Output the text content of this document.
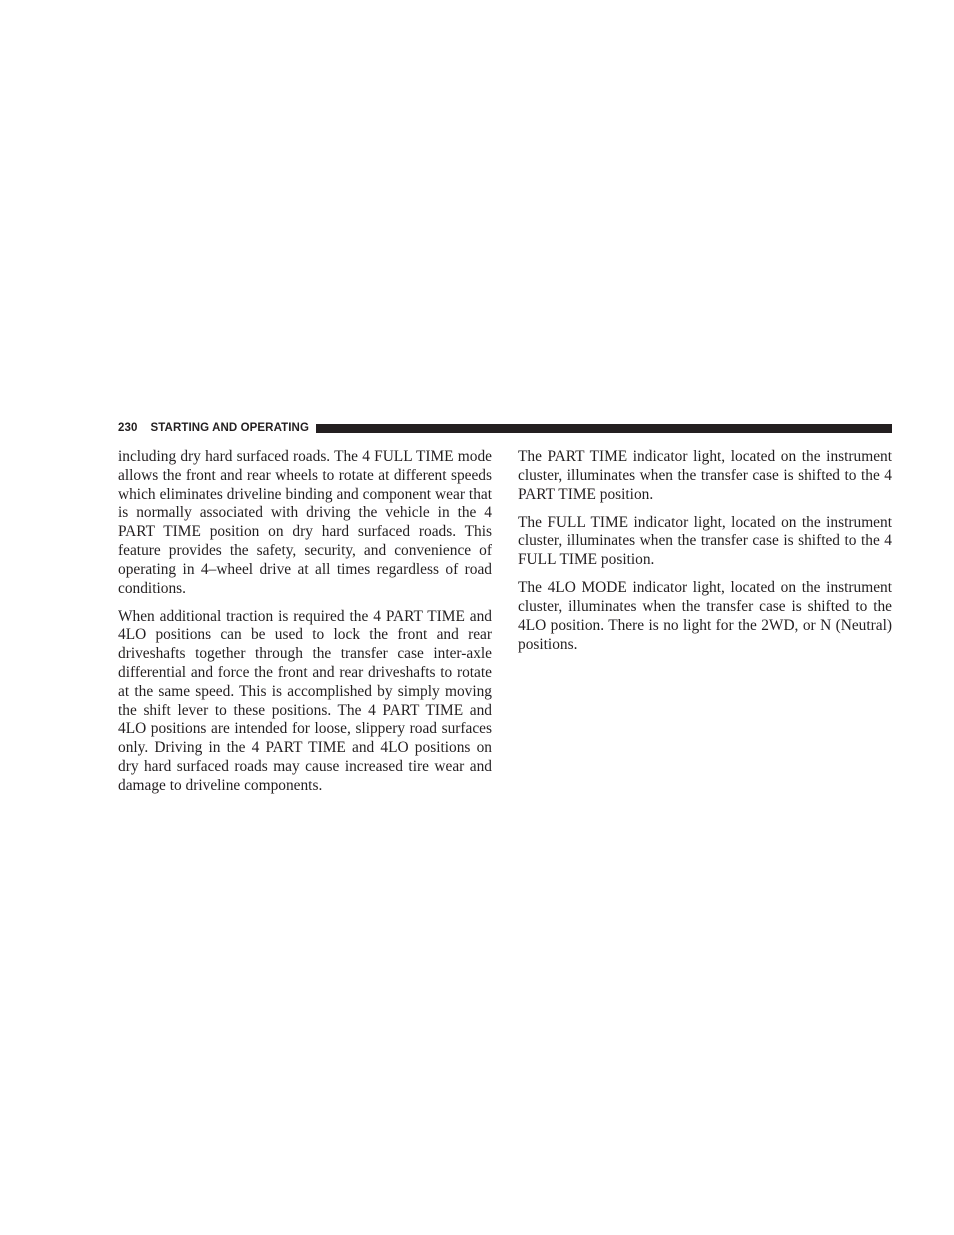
230 STARTING AND OPERATING

including dry hard surfaced roads. The 4 FULL TIME mode allows the front and rear wheels to rotate at different speeds which eliminates driveline binding and component wear that is normally associated with driving the vehicle in the 4 PART TIME position on dry hard surfaced roads. This feature provides the safety, security, and convenience of operating in 4–wheel drive at all times regardless of road conditions.

When additional traction is required the 4 PART TIME and 4LO positions can be used to lock the front and rear driveshafts together through the transfer case inter-axle differential and force the front and rear driveshafts to rotate at the same speed. This is accomplished by simply moving the shift lever to these positions. The 4 PART TIME and 4LO positions are intended for loose, slippery road surfaces only. Driving in the 4 PART TIME and 4LO positions on dry hard surfaced roads may cause increased tire wear and damage to driveline components.

The PART TIME indicator light, located on the instrument cluster, illuminates when the transfer case is shifted to the 4 PART TIME position.

The FULL TIME indicator light, located on the instrument cluster, illuminates when the transfer case is shifted to the 4 FULL TIME position.

The 4LO MODE indicator light, located on the instrument cluster, illuminates when the transfer case is shifted to the 4LO position. There is no light for the 2WD, or N (Neutral) positions.
